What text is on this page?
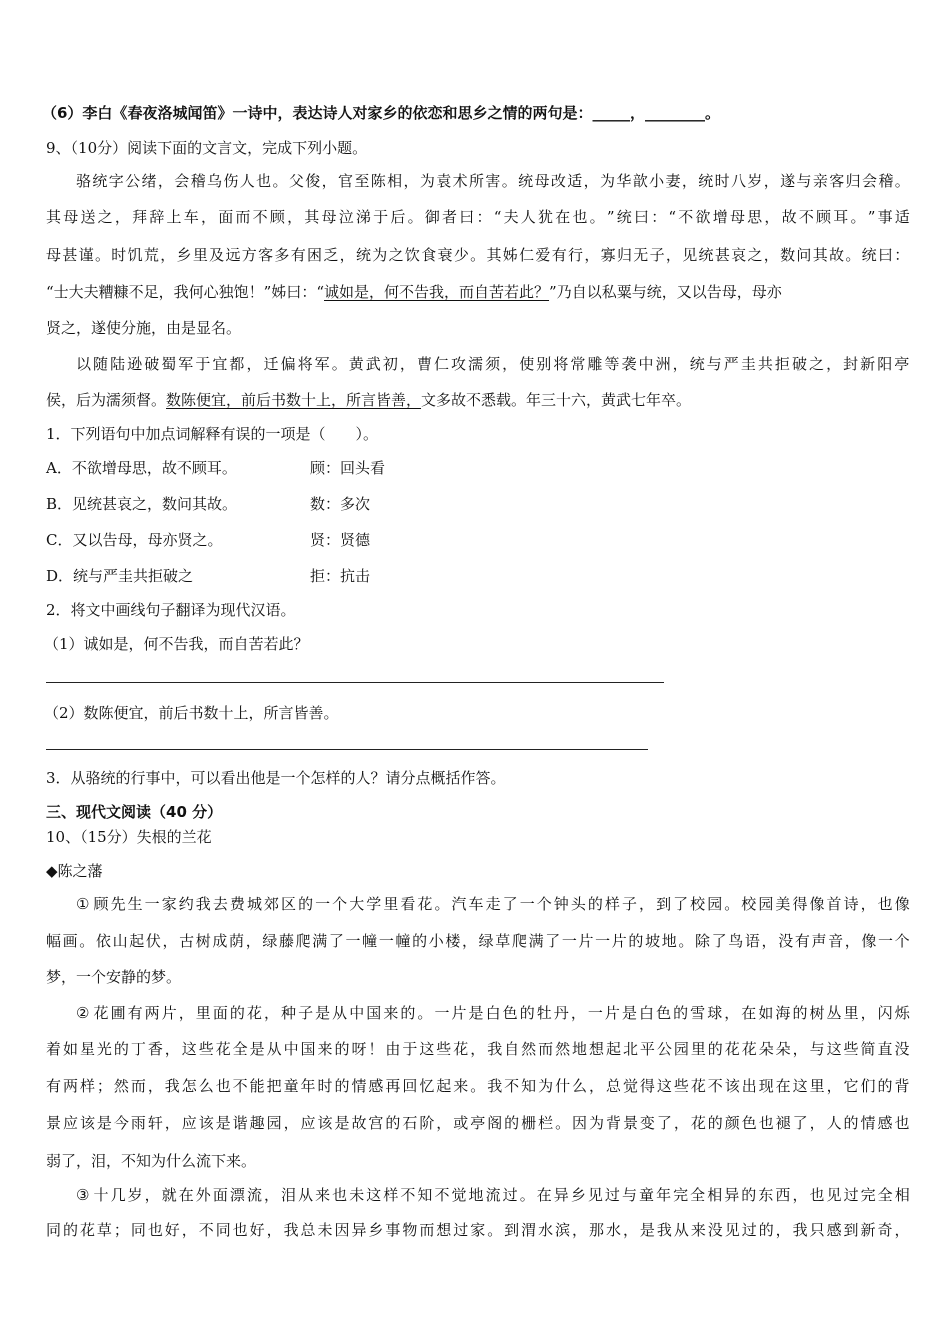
（6）李白《春夜洛城闻笛》一诗中，表达诗人对家乡的依恋和思乡之情的两句是：_____，________。
9、（10分）阅读下面的文言文，完成下列小题。
骆 统 字 公 绪 ， 会 稽 乌 伤 人 也 。 父 俊 ， 官 至 陈 相 ， 为 袁 术 所 害 。 统 母 改 适 ， 为 华 歆 小 妻 ， 统 时 八 岁 ， 遂 与 亲 客 归 会 稽 。
其 母 送 之 ， 拜 辞 上 车 ， 面 而 不 顾 ， 其 母 泣 涕 于 后 。 御 者 曰 ： “ 夫 人 犹 在 也 。 ” 统 曰 ： “ 不 欲 增 母 思 ， 故 不 顾 耳 。 ” 事 适
母 甚 谨 。 时 饥 荒 ， 乡 里 及 远 方 客 多 有 困 乏 ， 统 为 之 饮 食 衰 少 。 其 姊 仁 爱 有 行 ， 寡 归 无 子 ， 见 统 甚 哀 之 ， 数 问 其 故 。 统 曰 ：
“士大夫糟糠不足，我何心独饱！”姊曰：“诚如是，何不告我，而自苦若此？”乃自以私粟与统，又以告母，母亦
贤之，遂使分施，由是显名。
以 随 陆 逊 破 蜀 军 于 宜 都 ， 迁 偏 将 军 。 黄 武 初 ， 曹 仁 攻 濡 须 ， 使 别 将 常 雕 等 袭 中 洲 ， 统 与 严 圭 共 拒 破 之 ， 封 新 阳 亭
侯，后为濡须督。数陈便宜，前后书数十上，所言皆善，文多故不悉载。年三十六，黄武七年卒。
1．下列语句中加点词解释有误的一项是（　　）。
A．不欲增母思，故不顾耳。	顾：回头看
B．见统甚哀之，数问其故。	数：多次
C．又以告母，母亦贤之。	贤：贤德
D．统与严圭共拒破之	拒：抗击
2．将文中画线句子翻译为现代汉语。
（1）诚如是，何不告我，而自苦若此？
（2）数陈便宜，前后书数十上，所言皆善。
3．从骆统的行事中，可以看出他是一个怎样的人？请分点概括作答。
三、现代文阅读（40 分）
10、（15分）失根的兰花
◆陈之藩
① 顾 先 生 一 家 约 我 去 费 城 郊 区 的 一 个 大 学 里 看 花 。 汽 车 走 了 一 个 钟 头 的 样 子 ， 到 了 校 园 。 校 园 美 得 像 首 诗 ， 也 像
幅 画 。 依 山 起 伏 ， 古 树 成 荫 ， 绿 藤 爬 满 了 一 幢 一 幢 的 小 楼 ， 绿 草 爬 满 了 一 片 一 片 的 坡 地 。 除 了 鸟 语 ， 没 有 声 音 ， 像 一 个
梦，一个安静的梦。
② 花 圃 有 两 片 ， 里 面 的 花 ， 种 子 是 从 中 国 来 的 。 一 片 是 白 色 的 牡 丹 ， 一 片 是 白 色 的 雪 球 ， 在 如 海 的 树 丛 里 ， 闪 烁
着 如 星 光 的 丁 香 ， 这 些 花 全 是 从 中 国 来 的 呀 ！ 由 于 这 些 花 ， 我 自 然 而 然 地 想 起 北 平 公 园 里 的 花 花 朵 朵 ， 与 这 些 简 直 没
有 两 样 ； 然 而 ， 我 怎 么 也 不 能 把 童 年 时 的 情 感 再 回 忆 起 来 。 我 不 知 为 什 么 ， 总 觉 得 这 些 花 不 该 出 现 在 这 里 ， 它 们 的 背
景 应 该 是 今 雨 轩 ， 应 该 是 谐 趣 园 ， 应 该 是 故 宫 的 石 阶 ， 或 亭 阁 的 栅 栏 。 因 为 背 景 变 了 ， 花 的 颜 色 也 褪 了 ， 人 的 情 感 也
弱了，泪，不知为什么流下来。
③ 十 几 岁 ， 就 在 外 面 漂 流 ， 泪 从 来 也 未 这 样 不 知 不 觉 地 流 过 。 在 异 乡 见 过 与 童 年 完 全 相 异 的 东 西 ， 也 见 过 完 全 相
同 的 花 草 ； 同 也 好 ， 不 同 也 好 ， 我 总 未 因 异 乡 事 物 而 想 过 家 。 到 渭 水 滨 ， 那 水 ， 是 我 从 来 没 见 过 的 ， 我 只 感 到 新 奇 ，
